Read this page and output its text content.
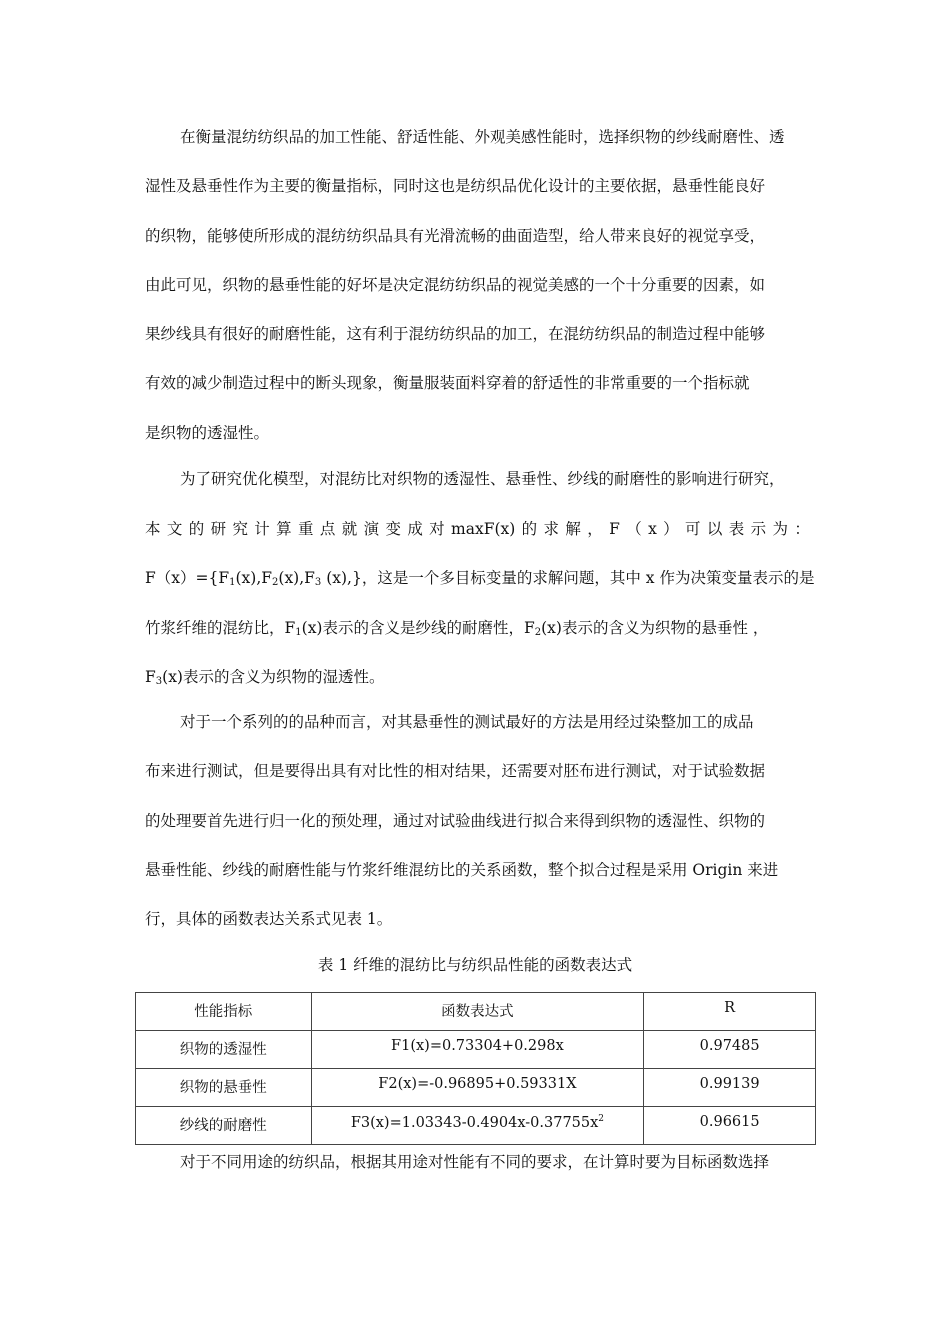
在衡量混纺纺织品的加工性能、舒适性能、外观美感性能时，选择织物的纱线耐磨性、透
湿性及悬垂性作为主要的衡量指标，同时这也是纺织品优化设计的主要依据，悬垂性能良好
的织物，能够使所形成的混纺纺织品具有光滑流畅的曲面造型，给人带来良好的视觉享受，
由此可见，织物的悬垂性能的好坏是决定混纺纺织品的视觉美感的一个十分重要的因素，如
果纱线具有很好的耐磨性能，这有利于混纺纺织品的加工，在混纺纺织品的制造过程中能够
有效的减少制造过程中的断头现象，衡量服装面料穿着的舒适性的非常重要的一个指标就
是织物的透湿性。
为了研究优化模型，对混纺比对织物的透湿性、悬垂性、纱线的耐磨性的影响进行研究，
本 文 的 研 究 计 算 重 点 就 演 变 成 对 maxF(x) 的 求 解 ， F （ x ） 可 以 表 示 为 ：
$F(x)=\{F_1(x),F_2(x),F_3$ (x),}，这是一个多目标变量的求解问题，其中 x 作为决策变量表示的是
竹浆纤维的混纺比，$F_1(x)$表示的含义是纱线的耐磨性，$F_2(x)$表示的含义为织物的悬垂性 ，
$F_3(x)$表示的含义为织物的湿透性。
对于一个系列的的品种而言，对其悬垂性的测试最好的方法是用经过染整加工的成品
布来进行测试，但是要得出具有对比性的相对结果，还需要对胚布进行测试，对于试验数据
的处理要首先进行归一化的预处理，通过对试验曲线进行拟合来得到织物的透湿性、织物的
悬垂性能、纱线的耐磨性能与竹浆纤维混纺比的关系函数，整个拟合过程是采用 Origin 来进
行，具体的函数表达关系式见表 1。
表 1 纤维的混纺比与纺织品性能的函数表达式
性能指标	函数表达式	R
织物的透湿性	F1(x)=0.73304+0.298x	0.97485
织物的悬垂性	F2(x)=-0.96895+0.59331X	0.99139
纱线的耐磨性	$F3(x)=1.03343-0.4904x-0.37755x^2$	0.96615
对于不同用途的纺织品，根据其用途对性能有不同的要求，在计算时要为目标函数选择
